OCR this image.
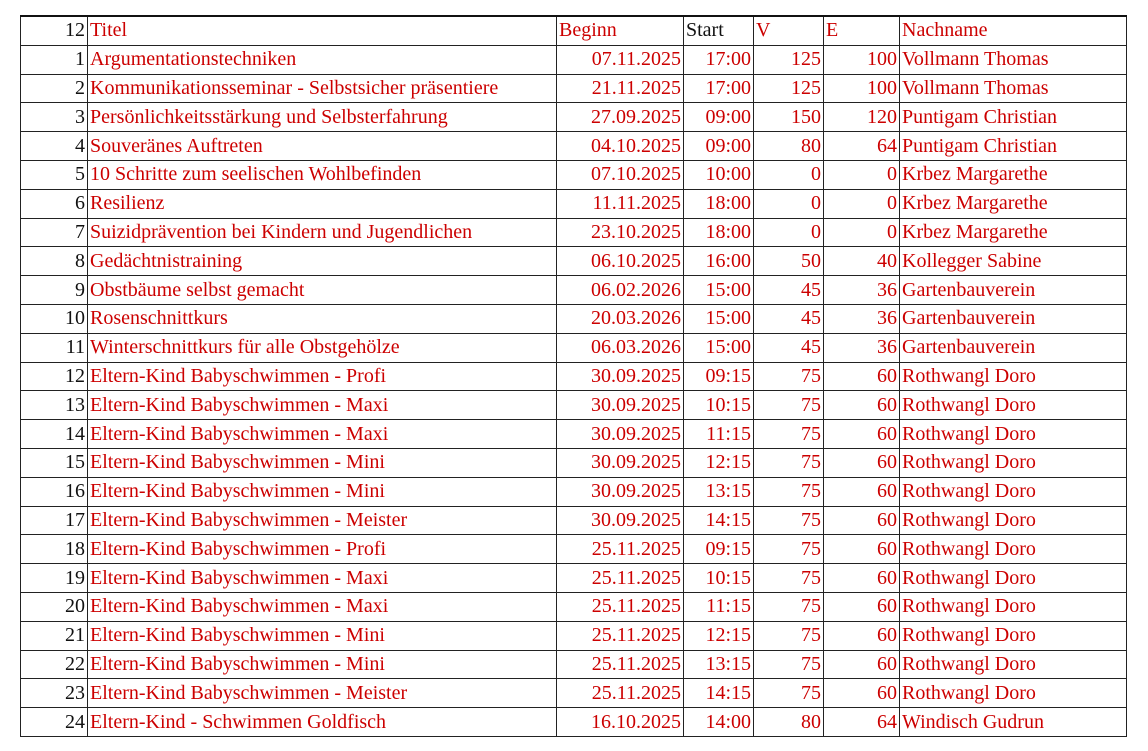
12	Titel	Beginn	Start	V	E	Nachname
1	Argumentationstechniken	07.11.2025	17:00	125	100	Vollmann Thomas
2	Kommunikationsseminar - Selbstsicher präsentiere	21.11.2025	17:00	125	100	Vollmann Thomas
3	Persönlichkeitsstärkung und Selbsterfahrung	27.09.2025	09:00	150	120	Puntigam Christian
4	Souveränes Auftreten	04.10.2025	09:00	80	64	Puntigam Christian
5	10 Schritte zum seelischen Wohlbefinden	07.10.2025	10:00	0	0	Krbez Margarethe
6	Resilienz	11.11.2025	18:00	0	0	Krbez Margarethe
7	Suizidprävention bei Kindern und Jugendlichen	23.10.2025	18:00	0	0	Krbez Margarethe
8	Gedächtnistraining	06.10.2025	16:00	50	40	Kollegger Sabine
9	Obstbäume selbst gemacht	06.02.2026	15:00	45	36	Gartenbauverein
10	Rosenschnittkurs	20.03.2026	15:00	45	36	Gartenbauverein
11	Winterschnittkurs für alle Obstgehölze	06.03.2026	15:00	45	36	Gartenbauverein
12	Eltern-Kind Babyschwimmen - Profi	30.09.2025	09:15	75	60	Rothwangl Doro
13	Eltern-Kind Babyschwimmen - Maxi	30.09.2025	10:15	75	60	Rothwangl Doro
14	Eltern-Kind Babyschwimmen - Maxi	30.09.2025	11:15	75	60	Rothwangl Doro
15	Eltern-Kind Babyschwimmen - Mini	30.09.2025	12:15	75	60	Rothwangl Doro
16	Eltern-Kind Babyschwimmen - Mini	30.09.2025	13:15	75	60	Rothwangl Doro
17	Eltern-Kind Babyschwimmen - Meister	30.09.2025	14:15	75	60	Rothwangl Doro
18	Eltern-Kind Babyschwimmen - Profi	25.11.2025	09:15	75	60	Rothwangl Doro
19	Eltern-Kind Babyschwimmen - Maxi	25.11.2025	10:15	75	60	Rothwangl Doro
20	Eltern-Kind Babyschwimmen - Maxi	25.11.2025	11:15	75	60	Rothwangl Doro
21	Eltern-Kind Babyschwimmen - Mini	25.11.2025	12:15	75	60	Rothwangl Doro
22	Eltern-Kind Babyschwimmen - Mini	25.11.2025	13:15	75	60	Rothwangl Doro
23	Eltern-Kind Babyschwimmen - Meister	25.11.2025	14:15	75	60	Rothwangl Doro
24	Eltern-Kind - Schwimmen Goldfisch	16.10.2025	14:00	80	64	Windisch Gudrun
